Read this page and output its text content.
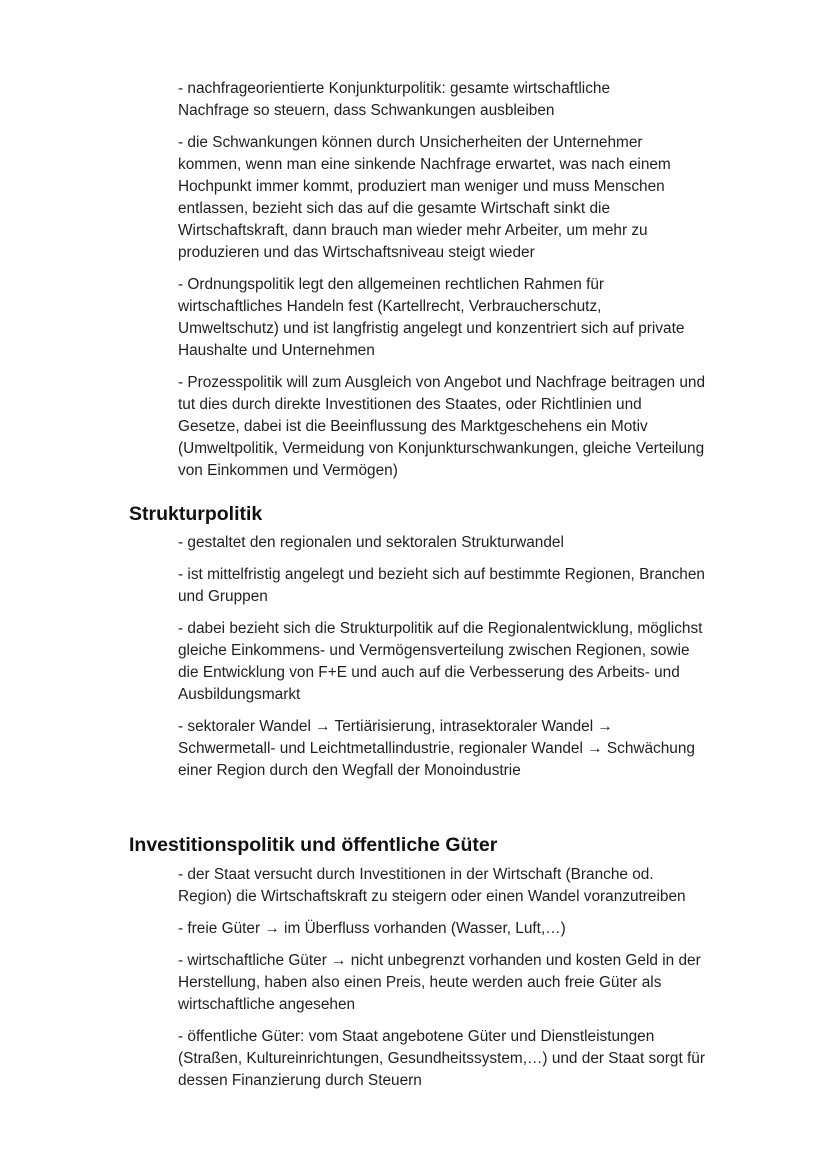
- nachfrageorientierte Konjunkturpolitik: gesamte wirtschaftliche
Nachfrage so steuern, dass Schwankungen ausbleiben
- die Schwankungen können durch Unsicherheiten der Unternehmer
kommen, wenn man eine sinkende Nachfrage erwartet, was nach einem
Hochpunkt immer kommt, produziert man weniger und muss Menschen
entlassen, bezieht sich das auf die gesamte Wirtschaft sinkt die
Wirtschaftskraft, dann brauch man wieder mehr Arbeiter, um mehr zu
produzieren und das Wirtschaftsniveau steigt wieder
- Ordnungspolitik legt den allgemeinen rechtlichen Rahmen für
wirtschaftliches Handeln fest (Kartellrecht, Verbraucherschutz,
Umweltschutz) und ist langfristig angelegt und konzentriert sich auf private
Haushalte und Unternehmen
- Prozesspolitik will zum Ausgleich von Angebot und Nachfrage beitragen und
tut dies durch direkte Investitionen des Staates, oder Richtlinien und
Gesetze, dabei ist die Beeinflussung des Marktgeschehens ein Motiv
(Umweltpolitik, Vermeidung von Konjunkturschwankungen, gleiche Verteilung
von Einkommen und Vermögen)
Strukturpolitik
- gestaltet den regionalen und sektoralen Strukturwandel
- ist mittelfristig angelegt und bezieht sich auf bestimmte Regionen, Branchen
und Gruppen
- dabei bezieht sich die Strukturpolitik auf die Regionalentwicklung, möglichst
gleiche Einkommens- und Vermögensverteilung zwischen Regionen, sowie
die Entwicklung von F+E und auch auf die Verbesserung des Arbeits- und
Ausbildungsmarkt
- sektoraler Wandel → Tertiärisierung, intrasektoraler Wandel →
Schwermetall- und Leichtmetallindustrie, regionaler Wandel → Schwächung
einer Region durch den Wegfall der Monoindustrie
Investitionspolitik und öffentliche Güter
- der Staat versucht durch Investitionen in der Wirtschaft (Branche od.
Region) die Wirtschaftskraft zu steigern oder einen Wandel voranzutreiben
- freie Güter → im Überfluss vorhanden (Wasser, Luft,…)
- wirtschaftliche Güter → nicht unbegrenzt vorhanden und kosten Geld in der
Herstellung, haben also einen Preis, heute werden auch freie Güter als
wirtschaftliche angesehen
- öffentliche Güter: vom Staat angebotene Güter und Dienstleistungen
(Straßen, Kultureinrichtungen, Gesundheitssystem,…) und der Staat sorgt für
dessen Finanzierung durch Steuern
